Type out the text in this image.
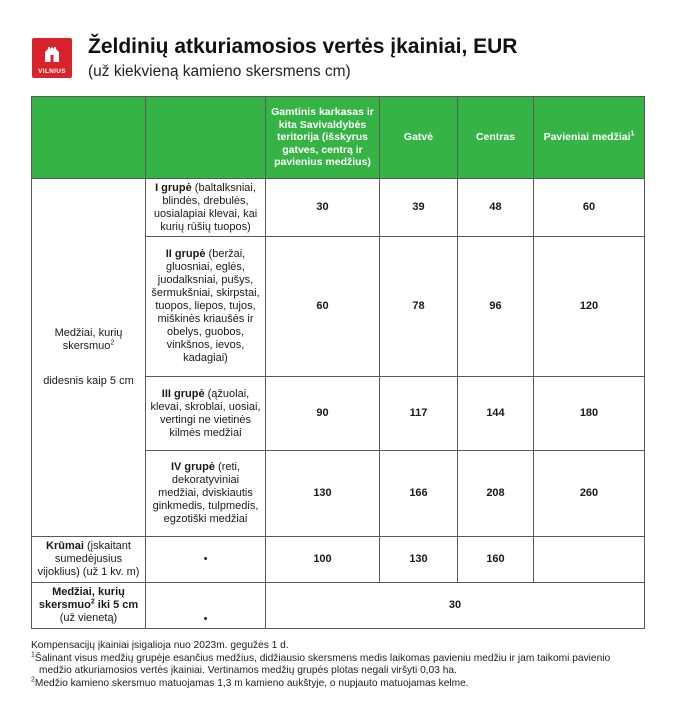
VILNIUS
Želdinių atkuriamosios vertės įkainiai, EUR
(už kiekvieną kamieno skersmens cm)
		Gamtinis karkasas ir kita Savivaldybės teritorija (išskyrus gatves, centrą ir pavienius medžius)	Gatvė	Centras	Pavieniai medžiai$^1$

Medžiai, kurių skersmuo$^2$
didesnis kaip 5 cm	I grupė (baltalksniai, blindės, drebulės, uosialapiai klevai, kai kurių rūšių tuopos)	30	39	48	60
	II grupė (beržai, gluosniai, eglės, juodalksniai, pušys, šermukšniai, skirpstai, tuopos, liepos, tujos, miškinės kriaušės ir obelys, guobos, vinkšnos, ievos, kadagiai)	60	78	96	120
	III grupė (ąžuolai, klevai, skroblai, uosiai, vertingi ne vietinės kilmės medžiai	90	117	144	180
	IV grupė (reti, dekoratyviniai medžiai, dviskiautis ginkmedis, tulpmedis, egzotiški medžiai	130	166	208	260
Krūmai (įskaitant sumedėjusius vijoklius) (už 1 kv. m)	•	100	130	160	
Medžiai, kurių skersmuo$^2$ iki 5 cm
(už vienetą)	•	30			
Kompensacijų įkainiai įsigalioja nuo 2023m. gegužės 1 d.
$^1$Šalinant visus medžių grupėje esančius medžius, didžiausio skersmens medis laikomas pavieniu medžiu ir jam taikomi pavienio
medžio atkuriamosios vertės įkainiai. Vertinamos medžių grupės plotas negali viršyti 0,03 ha.
$^2$Medžio kamieno skersmuo matuojamas 1,3 m kamieno aukštyje, o nupjauto matuojamas kelme.
